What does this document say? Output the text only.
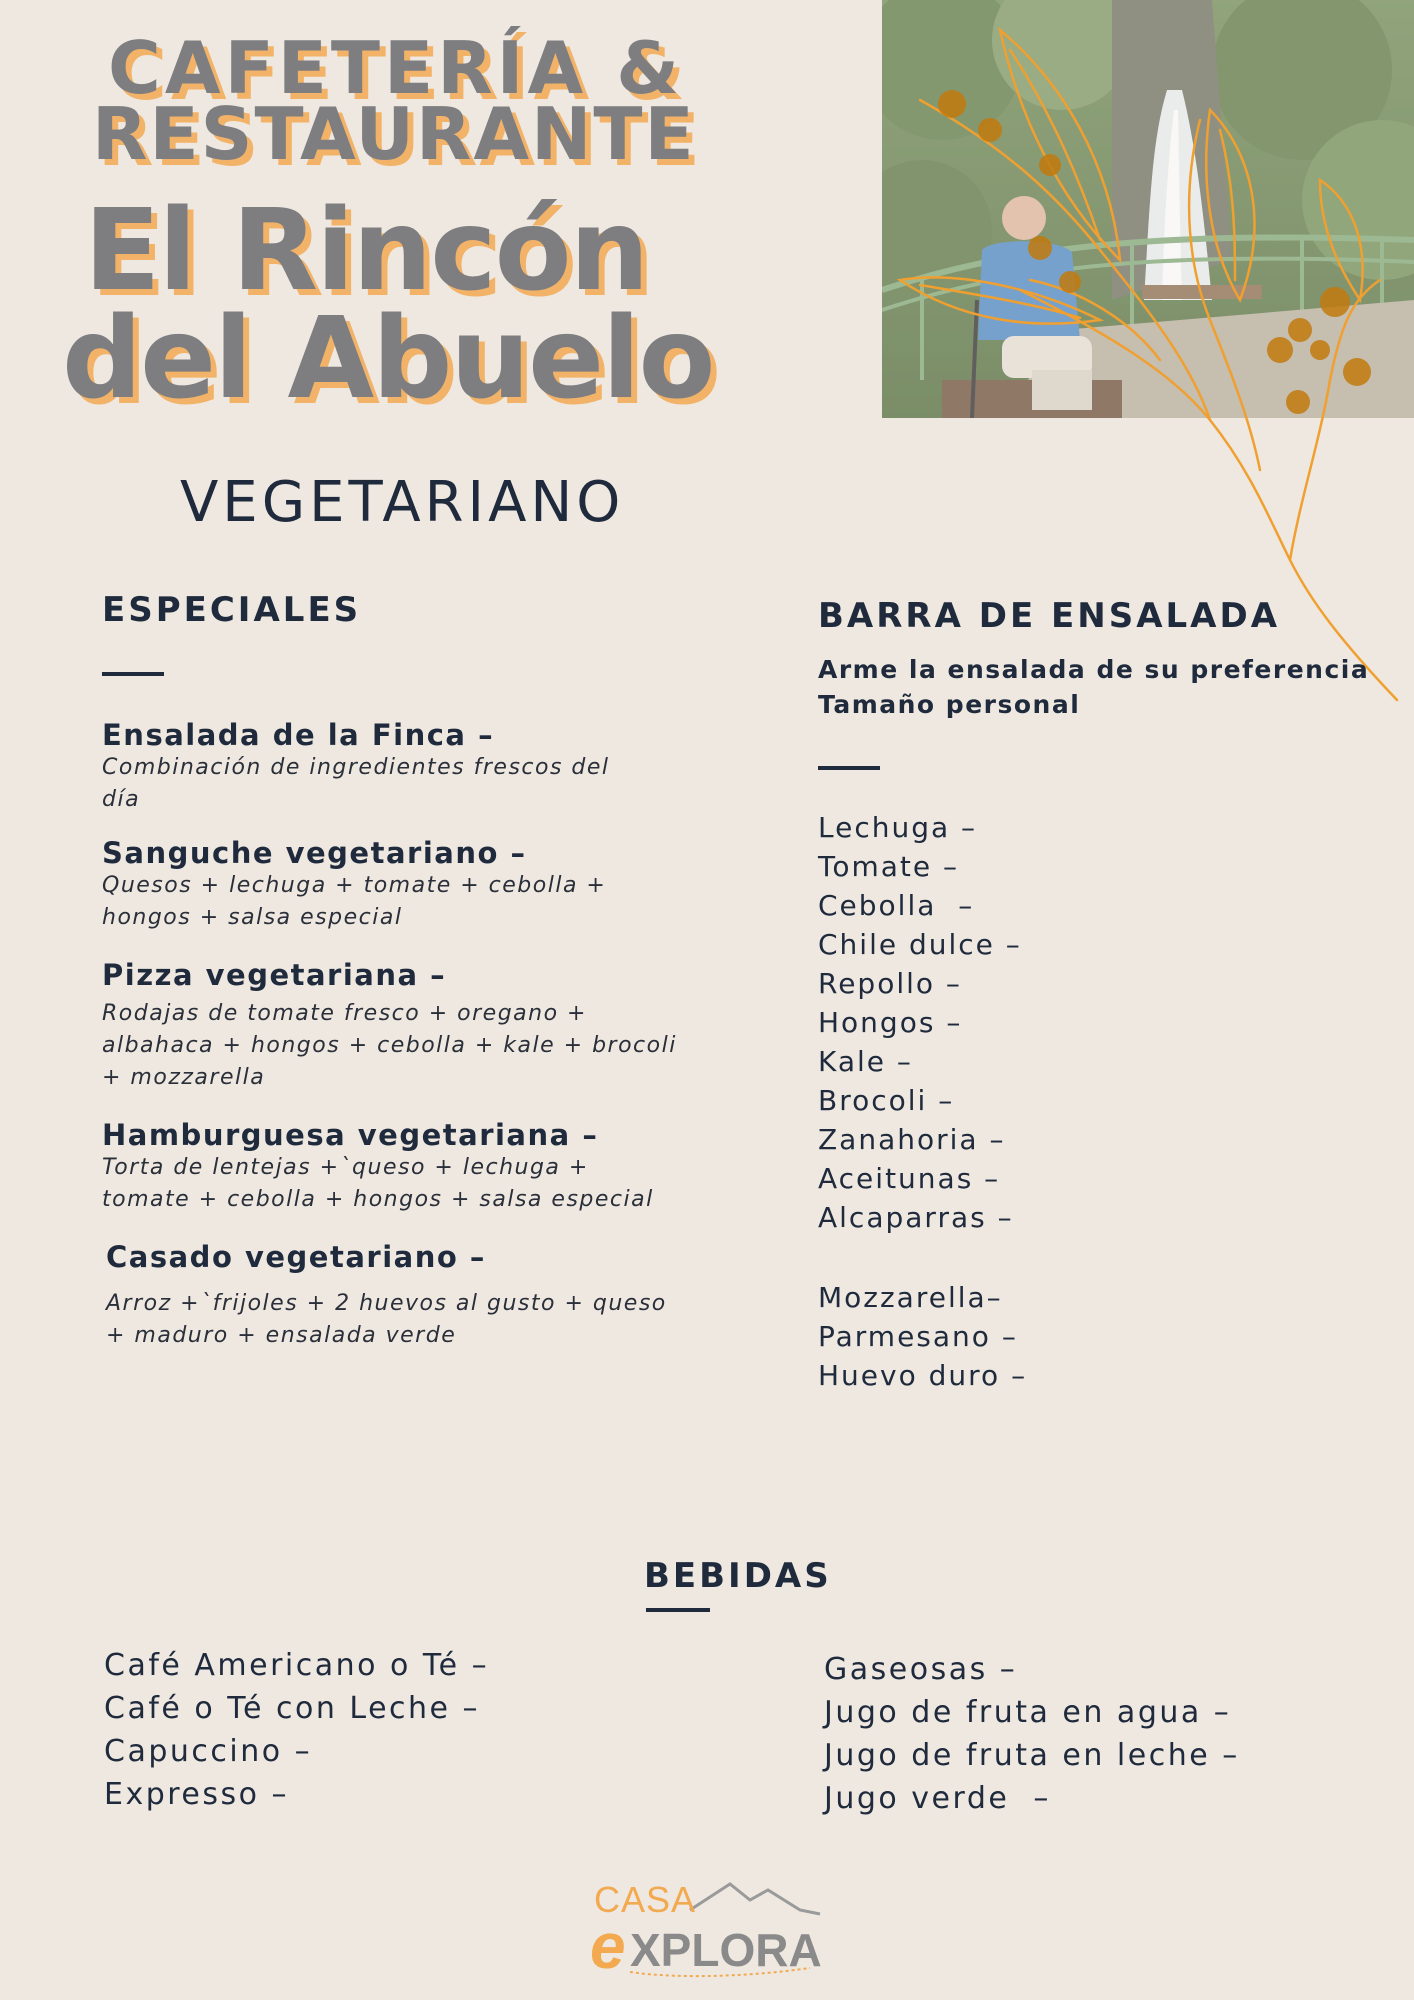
CAFETERÍA &
RESTAURANTE
El Rincón
del Abuelo
VEGETARIANO
ESPECIALES

Ensalada de la Finca –

Combinación de ingredientes frescos del

día

Sanguche vegetariano –

Quesos + lechuga + tomate + cebolla +

hongos + salsa especial

Pizza vegetariana –

Rodajas de tomate fresco + oregano +

albahaca + hongos + cebolla + kale + brocoli

+ mozzarella

Hamburguesa vegetariana –

Torta de lentejas +`queso + lechuga +

tomate + cebolla + hongos + salsa especial

Casado vegetariano –

Arroz +`frijoles + 2 huevos al gusto + queso

+ maduro + ensalada verde

BARRA DE ENSALADA
Arme la ensalada de su preferencia
Tamaño personal
Lechuga –
Tomate –
Cebolla  –
Chile dulce –
Repollo –
Hongos –
Kale –
Brocoli –
Zanahoria –
Aceitunas –
Alcaparras –
Mozzarella–
Parmesano –
Huevo duro –
BEBIDAS
Café Americano o Té –
Café o Té con Leche –
Capuccino –
Expresso –
Gaseosas –
Jugo de fruta en agua –
Jugo de fruta en leche –
Jugo verde  –
CASA
e XPLORA
